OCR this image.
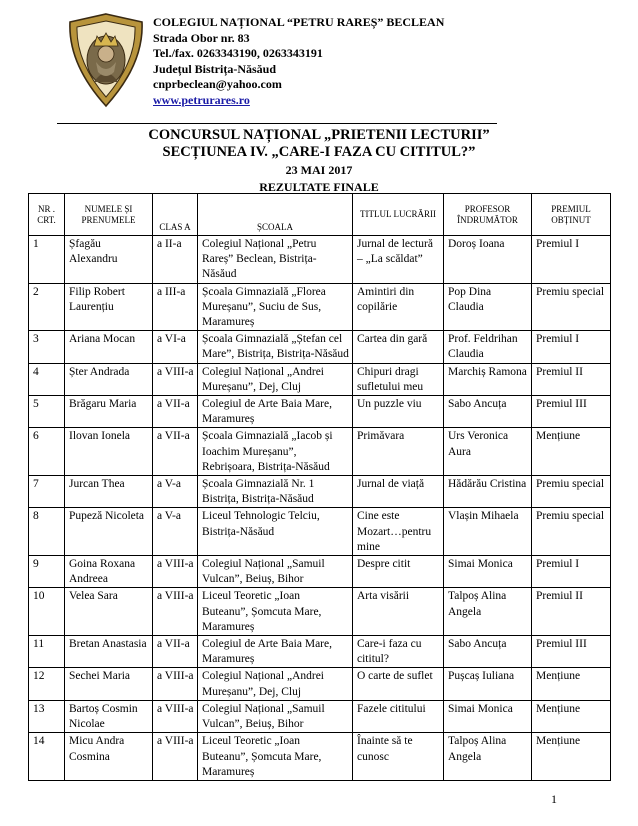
COLEGIUL NAȚIONAL “PETRU RAREȘ” BECLEAN
Strada Obor nr. 83
Tel./fax. 0263343190, 0263343191
Județul Bistrița-Năsăud
cnprbeclean@yahoo.com
www.petrurares.ro
CONCURSUL NAȚIONAL „PRIETENII LECTURII”
SECȚIUNEA IV. „CARE-I FAZA CU CITITUL?”
23 MAI 2017
REZULTATE FINALE
NR . CRT.	NUMELE ȘI PRENUMELE	CLAS A	ȘCOALA	TITLUL LUCRĂRII	PROFESOR ÎNDRUMĂTOR	PREMIUL OBȚINUT
1	Șfagău Alexandru	a II-a	Colegiul Național „Petru Rareș” Beclean, Bistrița-Năsăud	Jurnal de lectură – „La scăldat”	Doroș Ioana	Premiul I
2	Filip Robert Laurențiu	a III-a	Școala Gimnazială „Florea Mureșanu”, Suciu de Sus, Maramureș	Amintiri din copilărie	Pop Dina Claudia	Premiu special
3	Ariana Mocan	a VI-a	Școala Gimnazială „Ștefan cel Mare”, Bistrița, Bistrița-Năsăud	Cartea din gară	Prof. Feldrihan Claudia	Premiul I
4	Șter Andrada	a VIII-a	Colegiul Național „Andrei Mureșanu”, Dej, Cluj	Chipuri dragi sufletului meu	Marchiș Ramona	Premiul II
5	Brăgaru Maria	a VII-a	Colegiul de Arte Baia Mare, Maramureș	Un puzzle viu	Sabo Ancuța	Premiul III
6	Ilovan Ionela	a VII-a	Școala Gimnazială „Iacob și Ioachim Mureșanu”, Rebrișoara, Bistrița-Năsăud	Primăvara	Urs Veronica Aura	Mențiune
7	Jurcan Thea	a V-a	Școala Gimnazială Nr. 1 Bistrița, Bistrița-Năsăud	Jurnal de viață	Hădărău Cristina	Premiu special
8	Pupeză Nicoleta	a V-a	Liceul Tehnologic Telciu, Bistrița-Năsăud	Cine este Mozart…pentru mine	Vlașin Mihaela	Premiu special
9	Goina Roxana Andreea	a VIII-a	Colegiul Național „Samuil Vulcan”, Beiuș, Bihor	Despre citit	Simai Monica	Premiul I
10	Velea Sara	a VIII-a	Liceul Teoretic „Ioan Buteanu”, Șomcuta Mare, Maramureș	Arta visării	Talpoș Alina Angela	Premiul II
11	Bretan Anastasia	a VII-a	Colegiul de Arte Baia Mare, Maramureș	Care-i faza cu cititul?	Sabo Ancuța	Premiul III
12	Sechei Maria	a VIII-a	Colegiul Național „Andrei Mureșanu”, Dej, Cluj	O carte de suflet	Pușcaș Iuliana	Mențiune
13	Bartoș Cosmin Nicolae	a VIII-a	Colegiul Național „Samuil Vulcan”, Beiuș, Bihor	Fazele cititului	Simai Monica	Mențiune
14	Micu Andra Cosmina	a VIII-a	Liceul Teoretic „Ioan Buteanu”, Șomcuta Mare, Maramureș	Înainte să te cunosc	Talpoș Alina Angela	Mențiune
1
